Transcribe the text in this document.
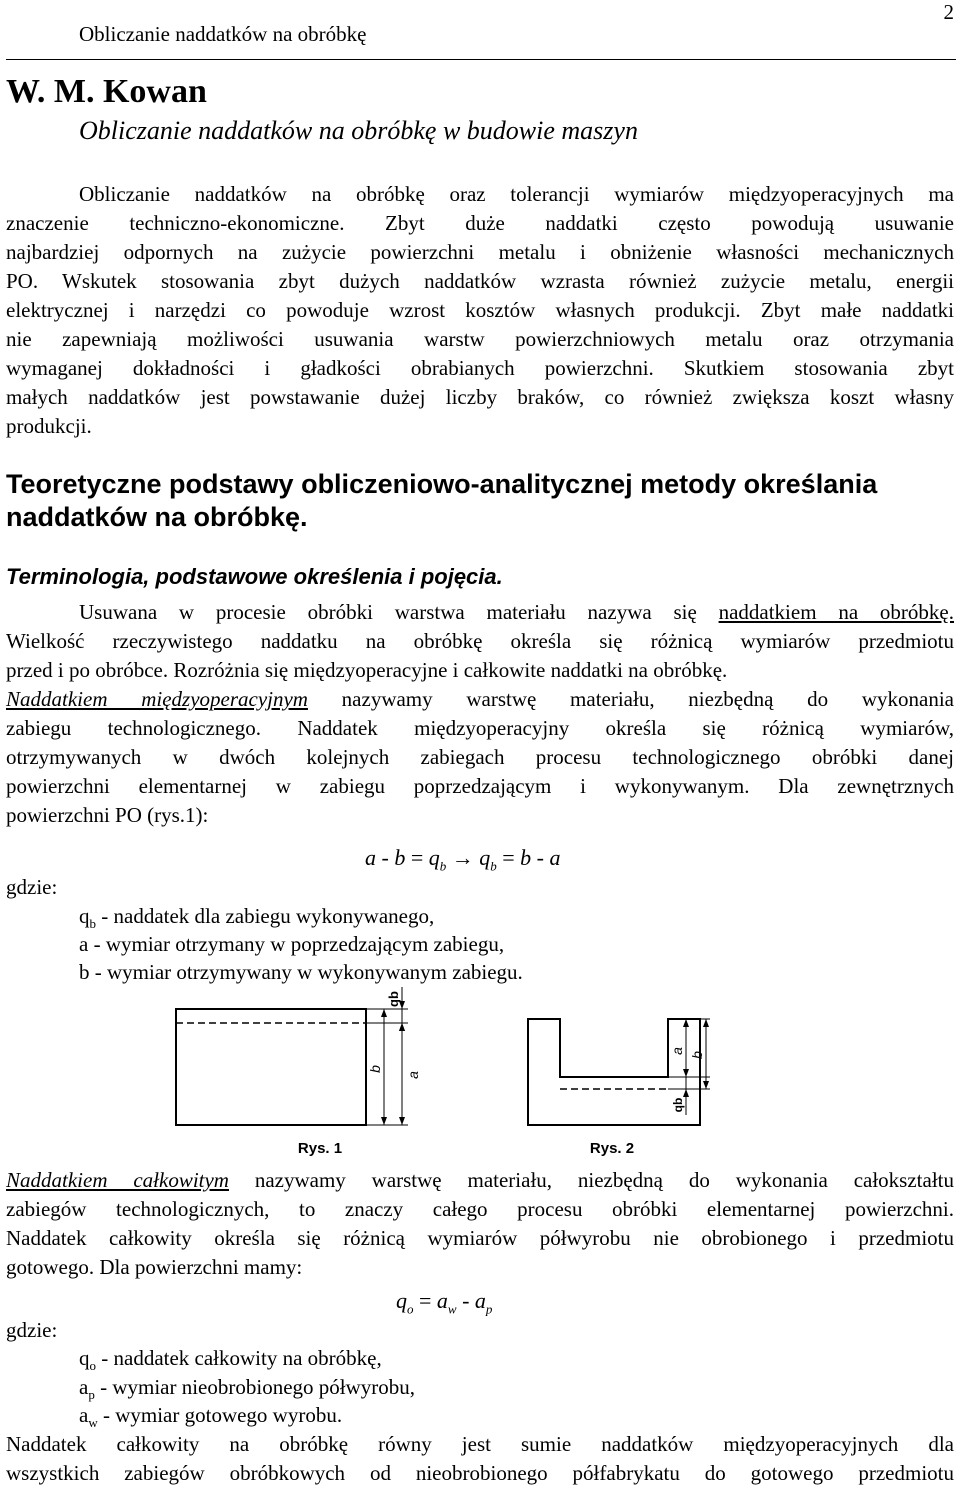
Obliczanie naddatków na obróbkę
2
W. M. Kowan
Obliczanie naddatków na obróbkę w budowie maszyn
Obliczanie naddatków na obróbkę oraz tolerancji wymiarów międzyoperacyjnych ma
znaczenie techniczno-ekonomiczne. Zbyt duże naddatki często powodują usuwanie
najbardziej odpornych na zużycie powierzchni metalu i obniżenie własności mechanicznych
PO. Wskutek stosowania zbyt dużych naddatków wzrasta również zużycie metalu, energii
elektrycznej i narzędzi co powoduje wzrost kosztów własnych produkcji. Zbyt małe naddatki
nie zapewniają możliwości usuwania warstw powierzchniowych metalu oraz otrzymania
wymaganej dokładności i gładkości obrabianych powierzchni. Skutkiem stosowania zbyt
małych naddatków jest powstawanie dużej liczby braków, co również zwiększa koszt własny
produkcji.
Teoretyczne podstawy obliczeniowo-analitycznej metody określania naddatków na obróbkę.
Terminologia, podstawowe określenia i pojęcia.
Usuwana w procesie obróbki warstwa materiału nazywa się naddatkiem na obróbkę.
Wielkość rzeczywistego naddatku na obróbkę określa się różnicą wymiarów przedmiotu
przed i po obróbce. Rozróżnia się międzyoperacyjne i całkowite naddatki na obróbkę.
Naddatkiem międzyoperacyjnym nazywamy warstwę materiału, niezbędną do wykonania
zabiegu technologicznego. Naddatek międzyoperacyjny określa się różnicą wymiarów,
otrzymywanych w dwóch kolejnych zabiegach procesu technologicznego obróbki danej
powierzchni elementarnej w zabiegu poprzedzającym i wykonywanym. Dla zewnętrznych
powierzchni PO (rys.1):
$a - b = q_b \to q_b = b - a$
gdzie:
$q_b$ - naddatek dla zabiegu wykonywanego,
a - wymiar otrzymany w poprzedzającym zabiegu,
b - wymiar otrzymywany w wykonywanym zabiegu.
qb
b
a
Rys. 1
a
b
qb
Rys. 2
Naddatkiem całkowitym nazywamy warstwę materiału, niezbędną do wykonania całokształtu
zabiegów technologicznych, to znaczy całego procesu obróbki elementarnej powierzchni.
Naddatek całkowity określa się różnicą wymiarów półwyrobu nie obrobionego i przedmiotu
gotowego. Dla powierzchni mamy:
$q_o = a_w - a_p$
gdzie:
$q_o$ - naddatek całkowity na obróbkę,
$a_p$ - wymiar nieobrobionego półwyrobu,
$a_w$ - wymiar gotowego wyrobu.
Naddatek całkowity na obróbkę równy jest sumie naddatków międzyoperacyjnych dla
wszystkich zabiegów obróbkowych od nieobrobionego półfabrykatu do gotowego przedmiotu
